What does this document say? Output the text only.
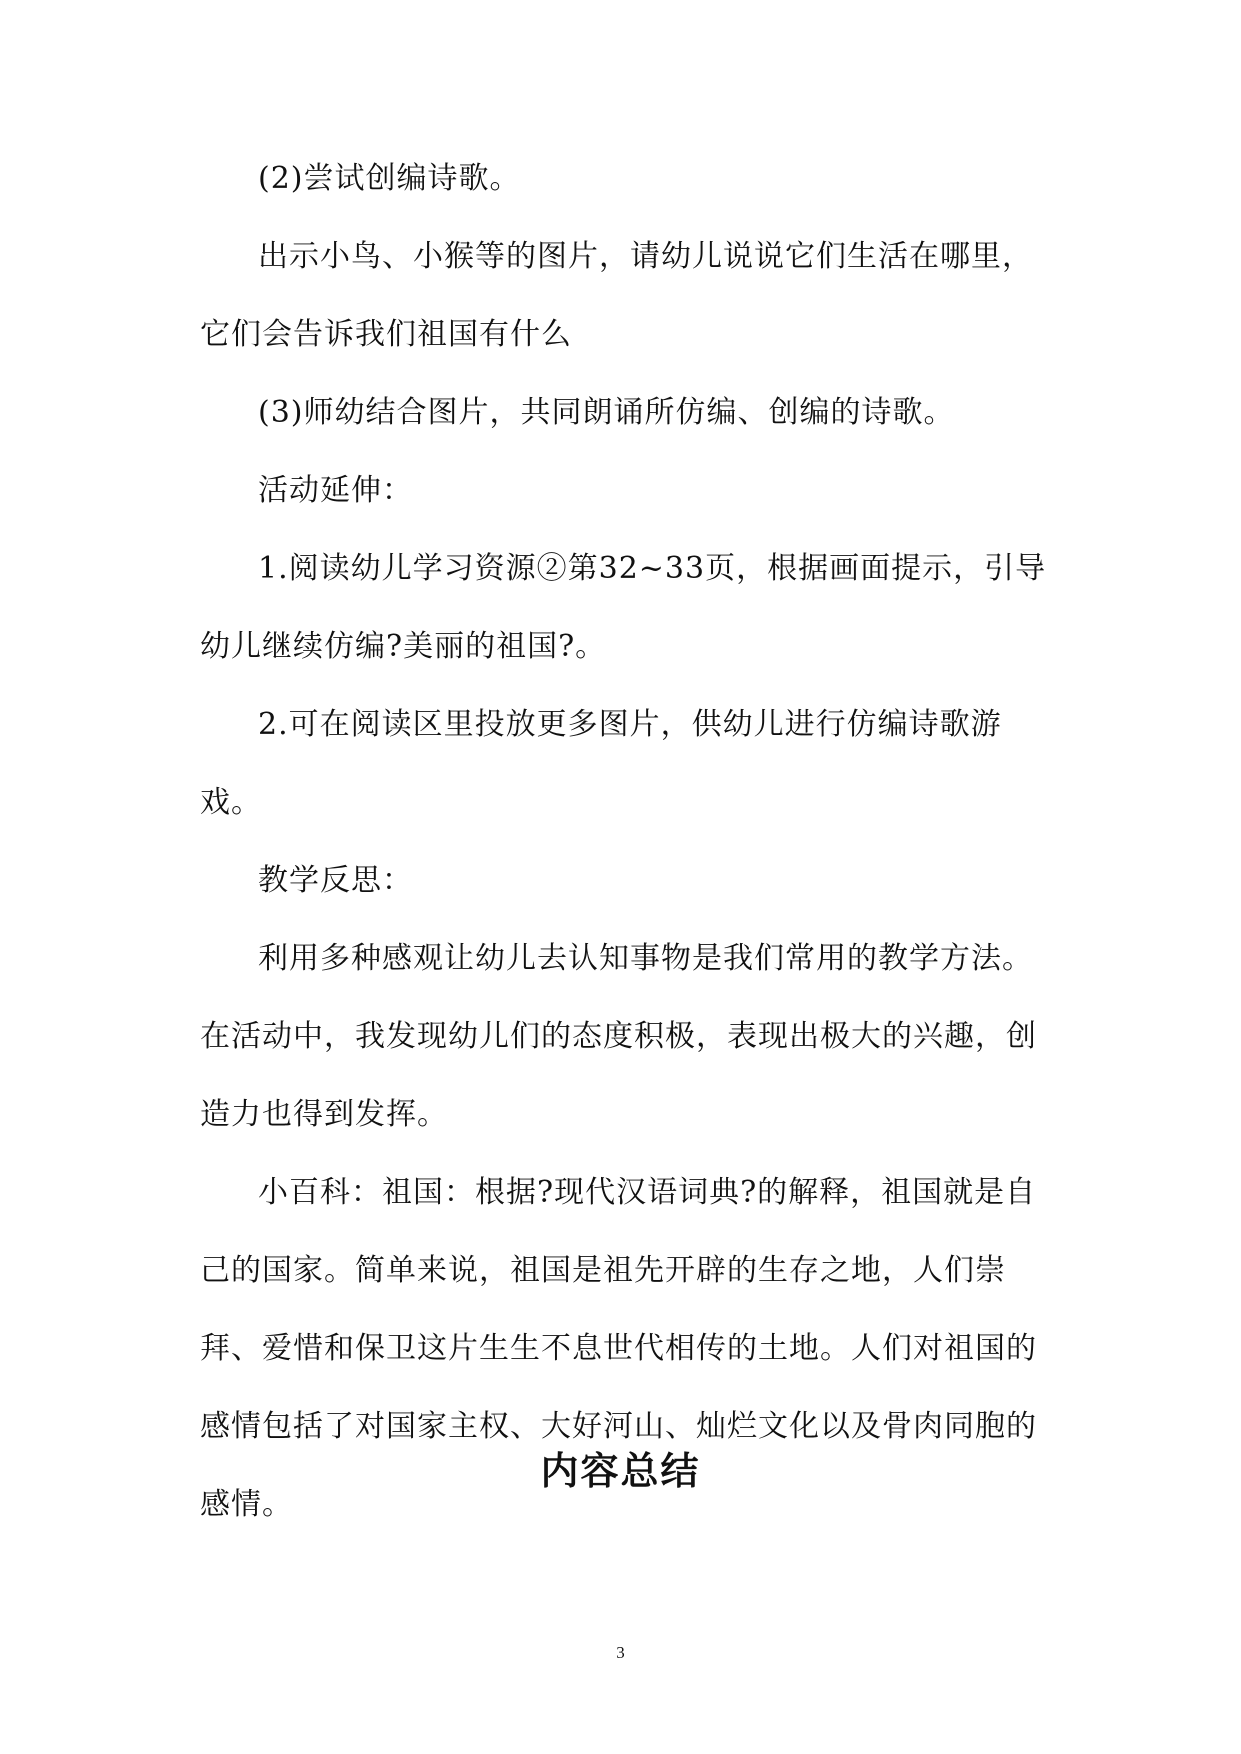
(2)尝试创编诗歌。

出示小鸟、小猴等的图片，请幼儿说说它们生活在哪里，它们会告诉我们祖国有什么

(3)师幼结合图片，共同朗诵所仿编、创编的诗歌。

活动延伸：

1.阅读幼儿学习资源②第32~33页，根据画面提示，引导幼儿继续仿编?美丽的祖国?。

2.可在阅读区里投放更多图片，供幼儿进行仿编诗歌游戏。

教学反思：

利用多种感观让幼儿去认知事物是我们常用的教学方法。在活动中，我发现幼儿们的态度积极，表现出极大的兴趣，创造力也得到发挥。

小百科：祖国：根据?现代汉语词典?的解释，祖国就是自己的国家。简单来说，祖国是祖先开辟的生存之地，人们崇拜、爱惜和保卫这片生生不息世代相传的土地。人们对祖国的感情包括了对国家主权、大好河山、灿烂文化以及骨肉同胞的感情。

内容总结
3
